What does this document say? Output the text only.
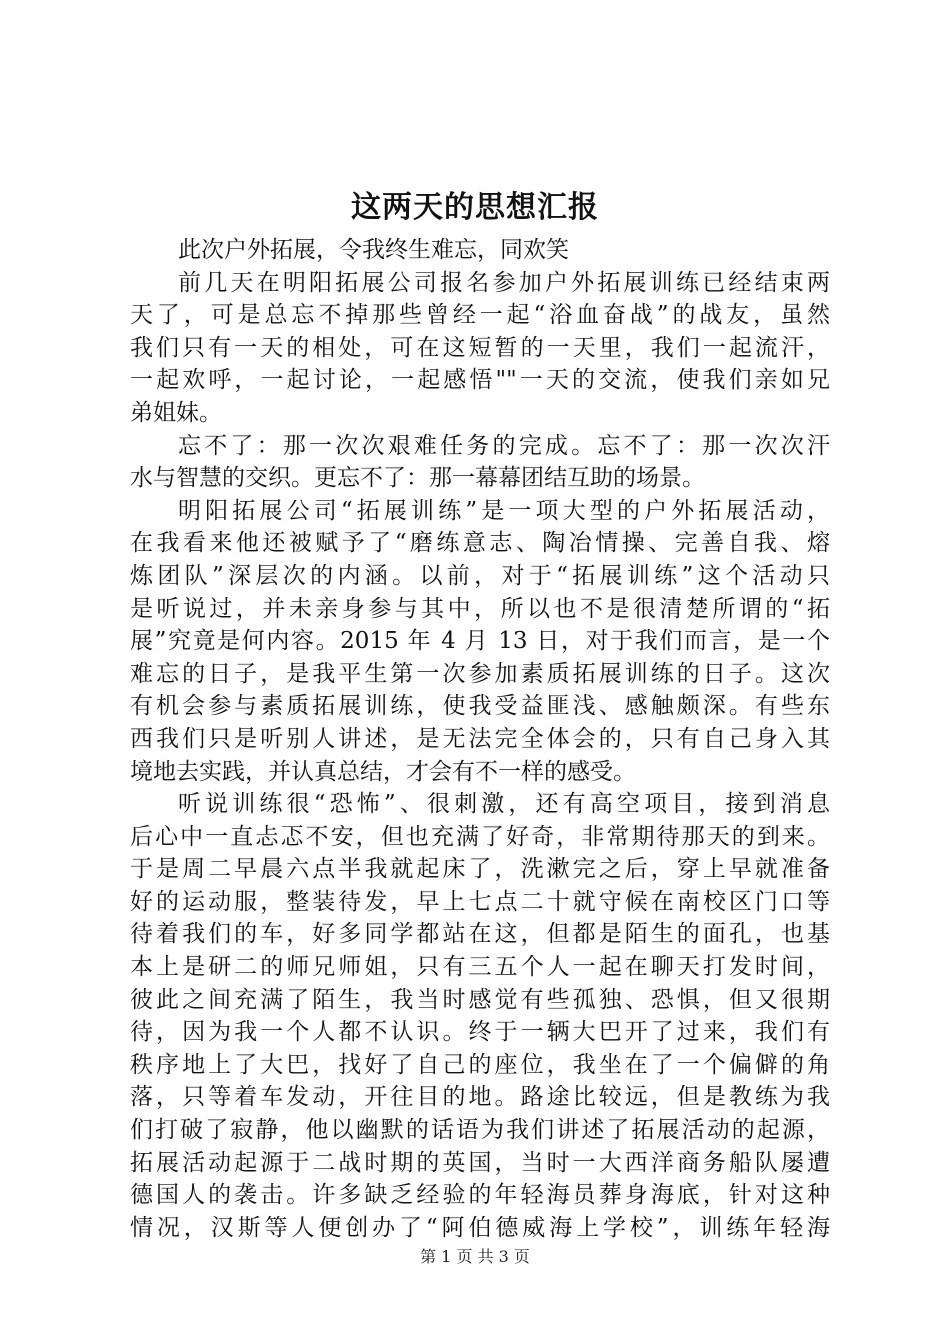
这两天的思想汇报
此次户外拓展，令我终生难忘，同欢笑
前几天在明阳拓展公司报名参加户外拓展训练已经结束两
天了，可是总忘不掉那些曾经一起“浴血奋战”的战友，虽然
我们只有一天的相处，可在这短暂的一天里，我们一起流汗，
一起欢呼，一起讨论，一起感悟""一天的交流，使我们亲如兄
弟姐妹。
忘不了：那一次次艰难任务的完成。忘不了：那一次次汗
水与智慧的交织。更忘不了：那一幕幕团结互助的场景。
明阳拓展公司“拓展训练”是一项大型的户外拓展活动，
在我看来他还被赋予了“磨练意志、陶冶情操、完善自我、熔
炼团队”深层次的内涵。以前，对于“拓展训练”这个活动只
是听说过，并未亲身参与其中，所以也不是很清楚所谓的“拓
展”究竟是何内容。2015 年 4 月 13 日，对于我们而言，是一个
难忘的日子，是我平生第一次参加素质拓展训练的日子。这次
有机会参与素质拓展训练，使我受益匪浅、感触颇深。有些东
西我们只是听别人讲述，是无法完全体会的，只有自己身入其
境地去实践，并认真总结，才会有不一样的感受。
听说训练很“恐怖”、很刺激，还有高空项目，接到消息
后心中一直忐忑不安，但也充满了好奇，非常期待那天的到来。
于是周二早晨六点半我就起床了，洗漱完之后，穿上早就准备
好的运动服，整装待发，早上七点二十就守候在南校区门口等
待着我们的车，好多同学都站在这，但都是陌生的面孔，也基
本上是研二的师兄师姐，只有三五个人一起在聊天打发时间，
彼此之间充满了陌生，我当时感觉有些孤独、恐惧，但又很期
待，因为我一个人都不认识。终于一辆大巴开了过来，我们有
秩序地上了大巴，找好了自己的座位，我坐在了一个偏僻的角
落，只等着车发动，开往目的地。路途比较远，但是教练为我
们打破了寂静，他以幽默的话语为我们讲述了拓展活动的起源，
拓展活动起源于二战时期的英国，当时一大西洋商务船队屡遭
德国人的袭击。许多缺乏经验的年轻海员葬身海底，针对这种
情况，汉斯等人便创办了“阿伯德威海上学校”，训练年轻海
第 1 页 共 3 页
